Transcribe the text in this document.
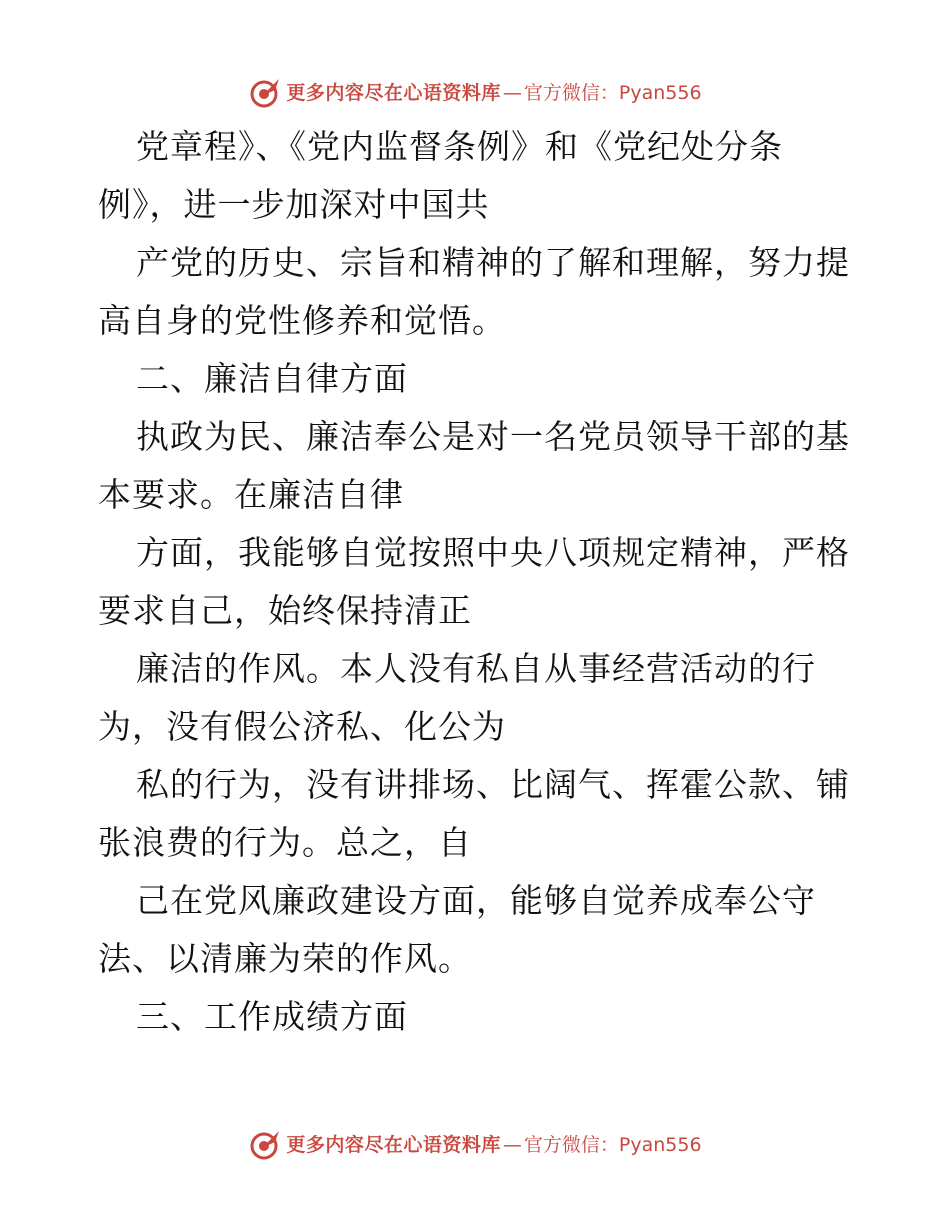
更多内容尽在心语资料库 — 官方微信：Pyan556
党章程》、《党内监督条例》和《党纪处分条
例》，进一步加深对中国共
产党的历史、宗旨和精神的了解和理解，努力提
高自身的党性修养和觉悟。
二、廉洁自律方面
执政为民、廉洁奉公是对一名党员领导干部的基
本要求。在廉洁自律
方面，我能够自觉按照中央八项规定精神，严格
要求自己，始终保持清正
廉洁的作风。本人没有私自从事经营活动的行
为，没有假公济私、化公为
私的行为，没有讲排场、比阔气、挥霍公款、铺
张浪费的行为。总之，自
己在党风廉政建设方面，能够自觉养成奉公守
法、以清廉为荣的作风。
三、工作成绩方面
更多内容尽在心语资料库 — 官方微信：Pyan556
